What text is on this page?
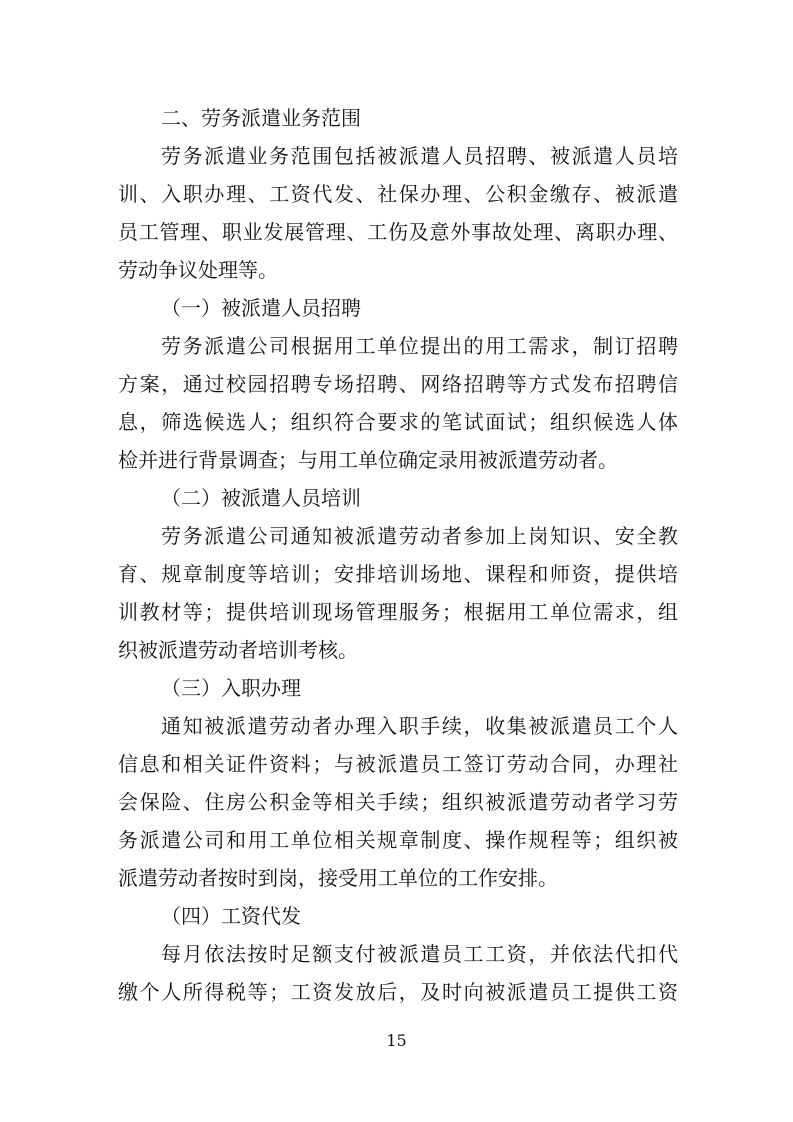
二、劳务派遣业务范围
劳务派遣业务范围包括被派遣人员招聘、被派遣人员培
训、入职办理、工资代发、社保办理、公积金缴存、被派遣
员工管理、职业发展管理、工伤及意外事故处理、离职办理、
劳动争议处理等。
（一）被派遣人员招聘
劳务派遣公司根据用工单位提出的用工需求，制订招聘
方案，通过校园招聘专场招聘、网络招聘等方式发布招聘信
息，筛选候选人；组织符合要求的笔试面试；组织候选人体
检并进行背景调查；与用工单位确定录用被派遣劳动者。
（二）被派遣人员培训
劳务派遣公司通知被派遣劳动者参加上岗知识、安全教
育、规章制度等培训；安排培训场地、课程和师资，提供培
训教材等；提供培训现场管理服务；根据用工单位需求，组
织被派遣劳动者培训考核。
（三）入职办理
通知被派遣劳动者办理入职手续，收集被派遣员工个人
信息和相关证件资料；与被派遣员工签订劳动合同，办理社
会保险、住房公积金等相关手续；组织被派遣劳动者学习劳
务派遣公司和用工单位相关规章制度、操作规程等；组织被
派遣劳动者按时到岗，接受用工单位的工作安排。
（四）工资代发
每月依法按时足额支付被派遣员工工资，并依法代扣代
缴个人所得税等；工资发放后，及时向被派遣员工提供工资
15
